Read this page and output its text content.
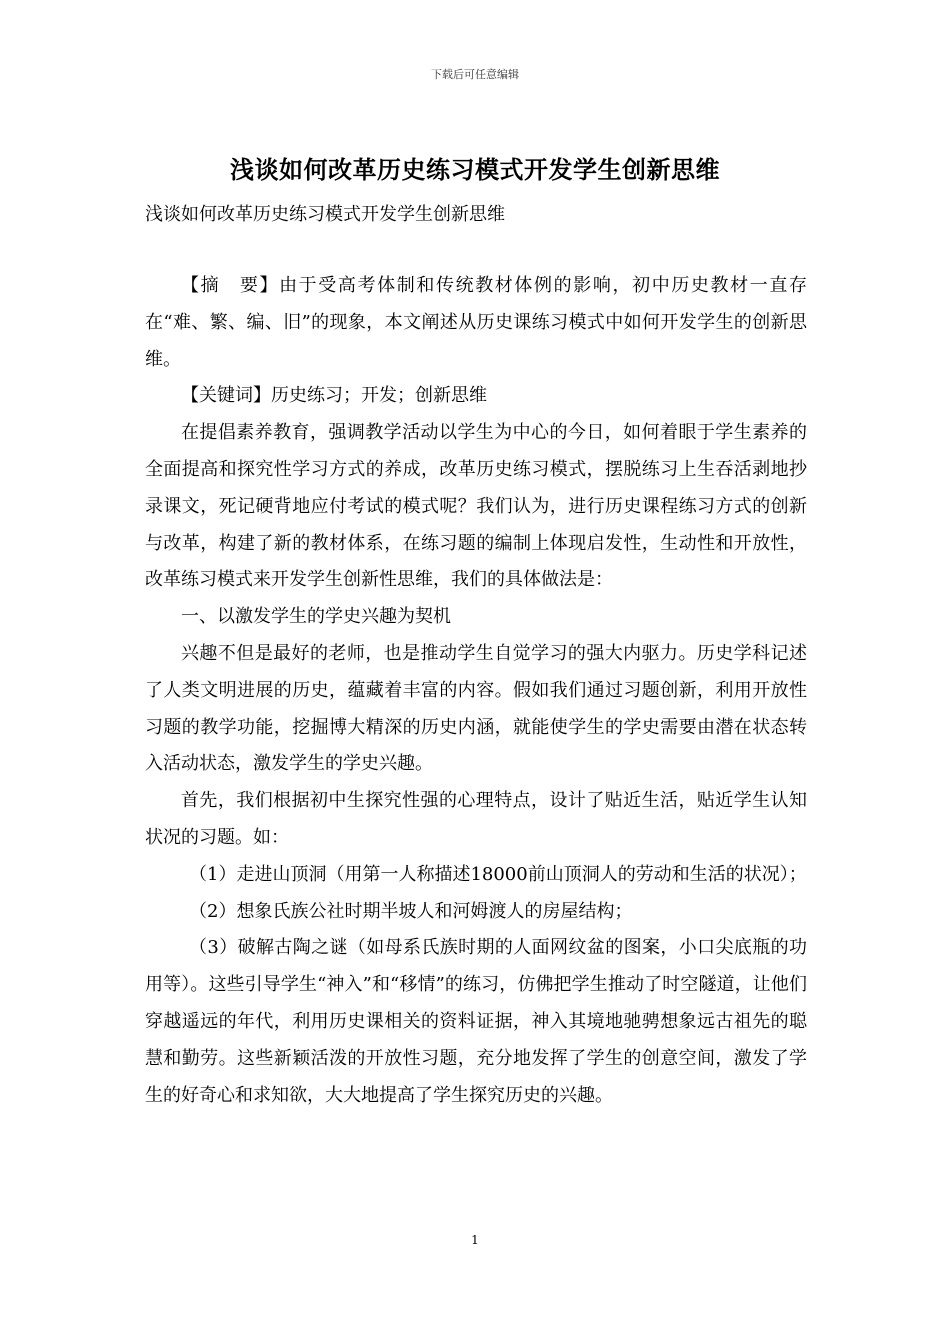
下载后可任意编辑
浅谈如何改革历史练习模式开发学生创新思维
浅谈如何改革历史练习模式开发学生创新思维

【摘　要】由于受高考体制和传统教材体例的影响，初中历史教材一直存在“难、繁、编、旧”的现象，本文阐述从历史课练习模式中如何开发学生的创新思维。

【关键词】历史练习；开发；创新思维

在提倡素养教育，强调教学活动以学生为中心的今日，如何着眼于学生素养的全面提高和探究性学习方式的养成，改革历史练习模式，摆脱练习上生吞活剥地抄录课文，死记硬背地应付考试的模式呢？我们认为，进行历史课程练习方式的创新与改革，构建了新的教材体系，在练习题的编制上体现启发性，生动性和开放性，改革练习模式来开发学生创新性思维，我们的具体做法是：

一、以激发学生的学史兴趣为契机

兴趣不但是最好的老师，也是推动学生自觉学习的强大内驱力。历史学科记述了人类文明进展的历史，蕴藏着丰富的内容。假如我们通过习题创新，利用开放性习题的教学功能，挖掘博大精深的历史内涵，就能使学生的学史需要由潜在状态转入活动状态，激发学生的学史兴趣。

首先，我们根据初中生探究性强的心理特点，设计了贴近生活，贴近学生认知状况的习题。如：

（1）走进山顶洞（用第一人称描述18000前山顶洞人的劳动和生活的状况）；

（2）想象氏族公社时期半坡人和河姆渡人的房屋结构；

（3）破解古陶之谜（如母系氏族时期的人面网纹盆的图案，小口尖底瓶的功用等）。这些引导学生“神入”和“移情”的练习，仿佛把学生推动了时空隧道，让他们穿越遥远的年代，利用历史课相关的资料证据，神入其境地驰骋想象远古祖先的聪慧和勤劳。这些新颖活泼的开放性习题，充分地发挥了学生的创意空间，激发了学生的好奇心和求知欲，大大地提高了学生探究历史的兴趣。

1
